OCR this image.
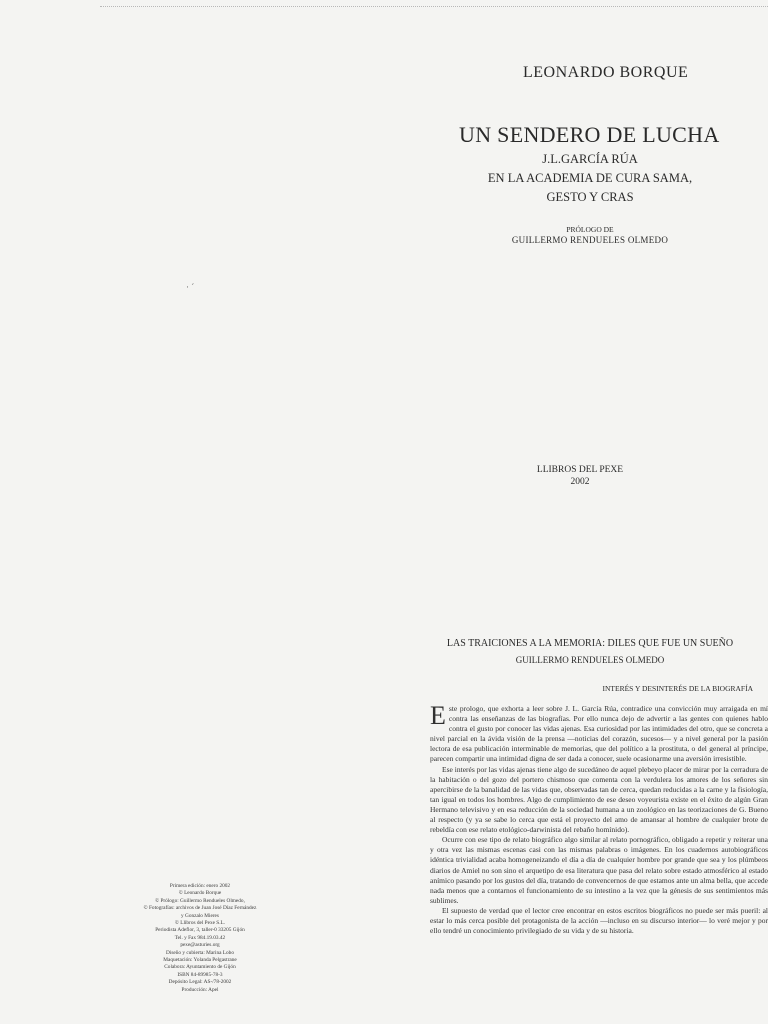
LEONARDO BORQUE
UN SENDERO DE LUCHA
J.L.GARCÍA RÚA
EN LA ACADEMIA DE CURA SAMA,
GESTO Y CRAS
PRÓLOGO DE
GUILLERMO RENDUELES OLMEDO
· ´
LLIBROS DEL PEXE
2002
Primera edición: enero 2002
© Leonardo Borque
© Prólogo: Guillermo Rendueles Olmedo,
© Fotografías: archivos de Juan José Díaz Fernández
y Gonzalo Mieres
© Llibros del Pexe S.L.
Periodista Adeflor, 3, taller-0 33205 Gijón
Tel. y Fax 984.19.03.42
pexe@asturies.org
Diseño y cubierta: Marina Lobo
Maquetación: Yolanda Pelgastrane
Colabora: Ayuntamiento de Gijón
ISBN 84-89985-78-3
Depósito Legal: AS-/78-2002
Producción: Apel
LAS TRAICIONES A LA MEMORIA: DILES QUE FUE UN SUEÑO
GUILLERMO RENDUELES OLMEDO
INTERÉS Y DESINTERÉS DE LA BIOGRAFÍA

Este prologo, que exhorta a leer sobre J. L. García Rúa, contradice una convicción muy arraigada en mí contra las enseñanzas de las biografías. Por ello nunca dejo de advertir a las gentes con quienes hablo contra el gusto por conocer las vidas ajenas. Esa curiosidad por las intimidades del otro, que se concreta a nivel parcial en la ávida visión de la prensa —noticias del corazón, sucesos— y a nivel general por la pasión lectora de esa publicación interminable de memorias, que del político a la prostituta, o del general al príncipe, parecen compartir una intimidad digna de ser dada a conocer, suele ocasionarme una aversión irresistible.

Ese interés por las vidas ajenas tiene algo de sucedáneo de aquel plebeyo placer de mirar por la cerradura de la habitación o del gozo del portero chismoso que comenta con la verdulera los amores de los señores sin apercibirse de la banalidad de las vidas que, observadas tan de cerca, quedan reducidas a la carne y la fisiología, tan igual en todos los hombres. Algo de cumplimiento de ese deseo voyeurista existe en el éxito de algún Gran Hermano televisivo y en esa reducción de la sociedad humana a un zoológico en las teorizaciones de G. Bueno al respecto (y ya se sabe lo cerca que está el proyecto del amo de amansar al hombre de cualquier brote de rebeldía con ese relato etológico-darwinista del rebaño homínido).

Ocurre con ese tipo de relato biográfico algo similar al relato pornográfico, obligado a repetir y reiterar una y otra vez las mismas escenas casi con las mismas palabras o imágenes. En los cuadernos autobiográficos idéntica trivialidad acaba homogeneizando el día a día de cualquier hombre por grande que sea y los plúmbeos diarios de Amiel no son sino el arquetipo de esa literatura que pasa del relato sobre estado atmosférico al estado anímico pasando por los gustos del día, tratando de convencernos de que estamos ante un alma bella, que accede nada menos que a contarnos el funcionamiento de su intestino a la vez que la génesis de sus sentimientos más sublimes.

El supuesto de verdad que el lector cree encontrar en estos escritos biográficos no puede ser más pueril: al estar lo más cerca posible del protagonista de la acción —incluso en su discurso interior— lo veré mejor y por ello tendré un conocimiento privilegiado de su vida y de su historia.
